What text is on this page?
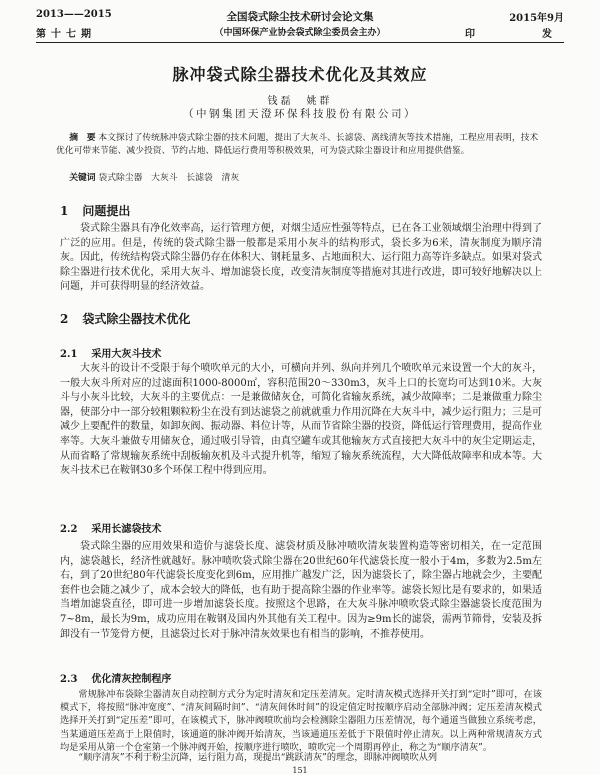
2013——2015
第十七期
全国袋式除尘技术研讨会论文集
（中国环保产业协会袋式除尘委员会主办）
2015年9月
印	发
脉冲袋式除尘器技术优化及其效应
钱磊　姚群
（中钢集团天澄环保科技股份有限公司）
摘　要 本文探讨了传统脉冲袋式除尘器的技术问题，提出了大灰斗、长滤袋、离线清灰等技术措施，工程应用表明，技术优化可带来节能、减少投资、节约占地、降低运行费用等积极效果，可为袋式除尘器设计和应用提供借鉴。
关键词 袋式除尘器　大灰斗　长滤袋　清灰
1 问题提出
袋式除尘器具有净化效率高，运行管理方便，对烟尘适应性强等特点，已在各工业领域烟尘治理中得到了广泛的应用。但是，传统的袋式除尘器一般都是采用小灰斗的结构形式，袋长多为6米，清灰制度为顺序清灰。因此，传统结构袋式除尘器仍存在体积大、钢耗量多、占地面积大、运行阻力高等许多缺点。如果对袋式除尘器进行技术优化，采用大灰斗、增加滤袋长度，改变清灰制度等措施对其进行改进，即可较好地解决以上问题，并可获得明显的经济效益。
2 袋式除尘器技术优化
2.1 采用大灰斗技术
大灰斗的设计不受限于每个喷吹单元的大小，可横向并列、纵向并列几个喷吹单元来设置一个大的灰斗，一般大灰斗所对应的过滤面积1000-8000㎡，容积范围20～330m3，灰斗上口的长宽均可达到10米。大灰斗与小灰斗比较，大灰斗的主要优点：一是兼做储灰仓，可简化省输灰系统，减少故障率；二是兼做重力除尘器，使部分中一部分较粗颗粒粉尘在没有到达滤袋之前就就重力作用沉降在大灰斗中，减少运行阻力；三是可减少上要配件的数量，如卸灰阀、振动器、料位计等，从而节省除尘器的投资，降低运行管理费用，提高作业率等。大灰斗兼做专用储灰仓，通过吸引导管，由真空罐车或其他输灰方式直接把大灰斗中的灰尘定期运走，从而省略了常规输灰系统中刮板输灰机及斗式提升机等，缩短了输灰系统流程，大大降低故障率和成本等。大灰斗技术已在鞍钢30多个环保工程中得到应用。
2.2 采用长滤袋技术
袋式除尘器的应用效果和造价与滤袋长度、滤袋材质及脉冲喷吹清灰装置构造等密切相关，在一定范围内，滤袋越长，经济性就越好。脉冲喷吹袋式除尘器在20世纪60年代滤袋长度一般小于4m，多数为2.5m左右，到了20世纪80年代滤袋长度变化到6m，应用推广越发广泛，因为滤袋长了，除尘器占地就会少，主要配套件也会随之减少了，成本会较大的降低，也有助于提高除尘器的作业率等。滤袋长短比是有要求的，如果适当增加滤袋直径，即可进一步增加滤袋长度。按照这个思路，在大灰斗脉冲喷吹袋式除尘器滤袋长度范围为7~8m，最长为9m，成功应用在鞍钢及国内外其他有关工程中。因为≥9m长的滤袋，需两节筛骨，安装及拆卸没有一节笼骨方便，且滤袋过长对于脉冲清灰效果也有相当的影响，不推荐使用。
2.3 优化清灰控制程序
常规脉冲布袋除尘器清灰自动控制方式分为定时清灰和定压差清灰。定时清灰模式选择开关打到“定时”即可，在该模式下，将按照“脉冲宽度”、“清灰间隔时间”、“清灰间休时间”的设定值定时按顺序启动全部脉冲阀；定压差清灰模式选择开关打到“定压差”即可，在该模式下，脉冲阀喷吹前均会检测除尘器阻力压差情况，每个通道当做独立系统考虑，当某通道压差高于上限值时，该通道的脉冲阀开始清灰，当该通道压差低于下限值时停止清灰。以上两种常规清灰方式均是采用从第一个仓室第一个脉冲阀开始，按顺序进行喷吹，喷吹完一个周期再停止，称之为“顺序清灰”。
“顺序清灰”不利于粉尘沉降，运行阻力高，现提出“跳跃清灰”的理念，即脉冲阀喷吹从列
151
